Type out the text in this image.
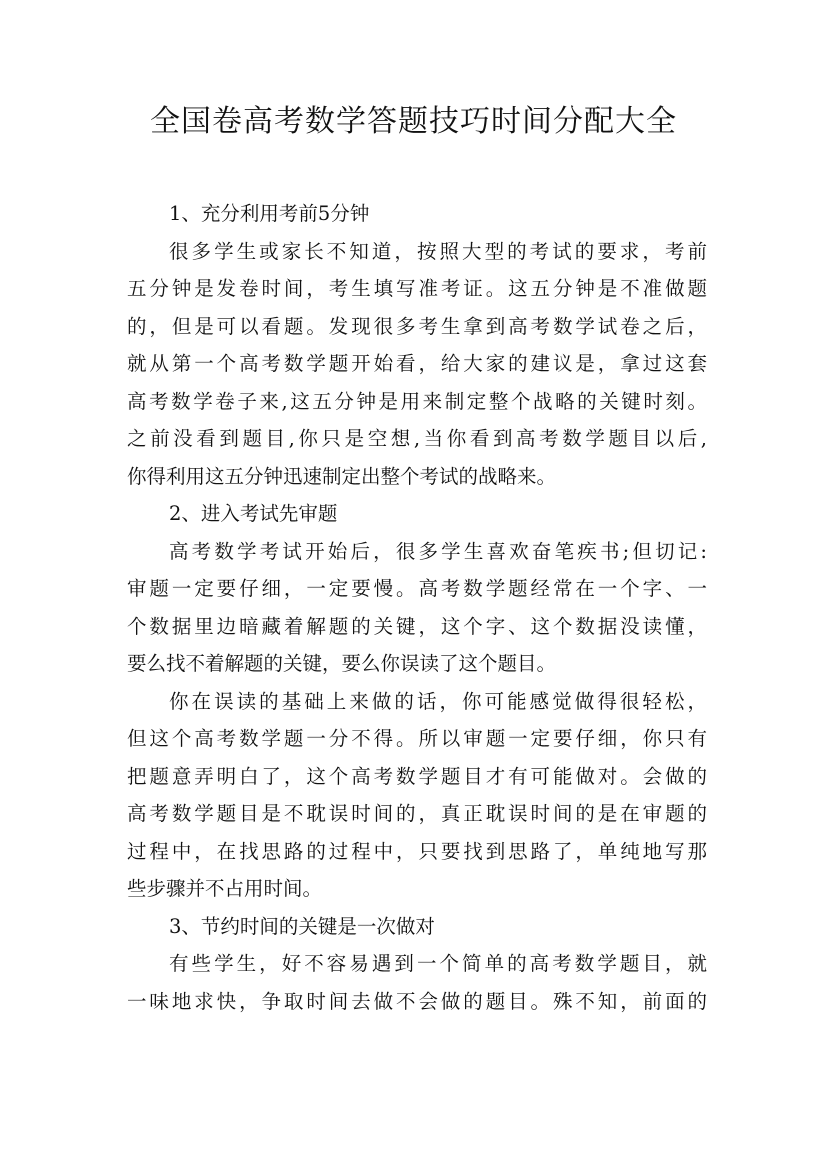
全国卷高考数学答题技巧时间分配大全
1、充分利用考前5分钟
很多学生或家长不知道，按照大型的考试的要求，考前
五分钟是发卷时间，考生填写准考证。这五分钟是不准做题
的，但是可以看题。发现很多考生拿到高考数学试卷之后，
就从第一个高考数学题开始看，给大家的建议是，拿过这套
高考数学卷子来,这五分钟是用来制定整个战略的关键时刻。
之前没看到题目,你只是空想,当你看到高考数学题目以后,
你得利用这五分钟迅速制定出整个考试的战略来。
2、进入考试先审题
高考数学考试开始后，很多学生喜欢奋笔疾书;但切记:
审题一定要仔细，一定要慢。高考数学题经常在一个字、一
个数据里边暗藏着解题的关键，这个字、这个数据没读懂，
要么找不着解题的关键，要么你误读了这个题目。
你在误读的基础上来做的话，你可能感觉做得很轻松，
但这个高考数学题一分不得。所以审题一定要仔细，你只有
把题意弄明白了，这个高考数学题目才有可能做对。会做的
高考数学题目是不耽误时间的，真正耽误时间的是在审题的
过程中，在找思路的过程中，只要找到思路了，单纯地写那
些步骤并不占用时间。
3、节约时间的关键是一次做对
有些学生，好不容易遇到一个简单的高考数学题目，就
一味地求快，争取时间去做不会做的题目。殊不知，前面的
